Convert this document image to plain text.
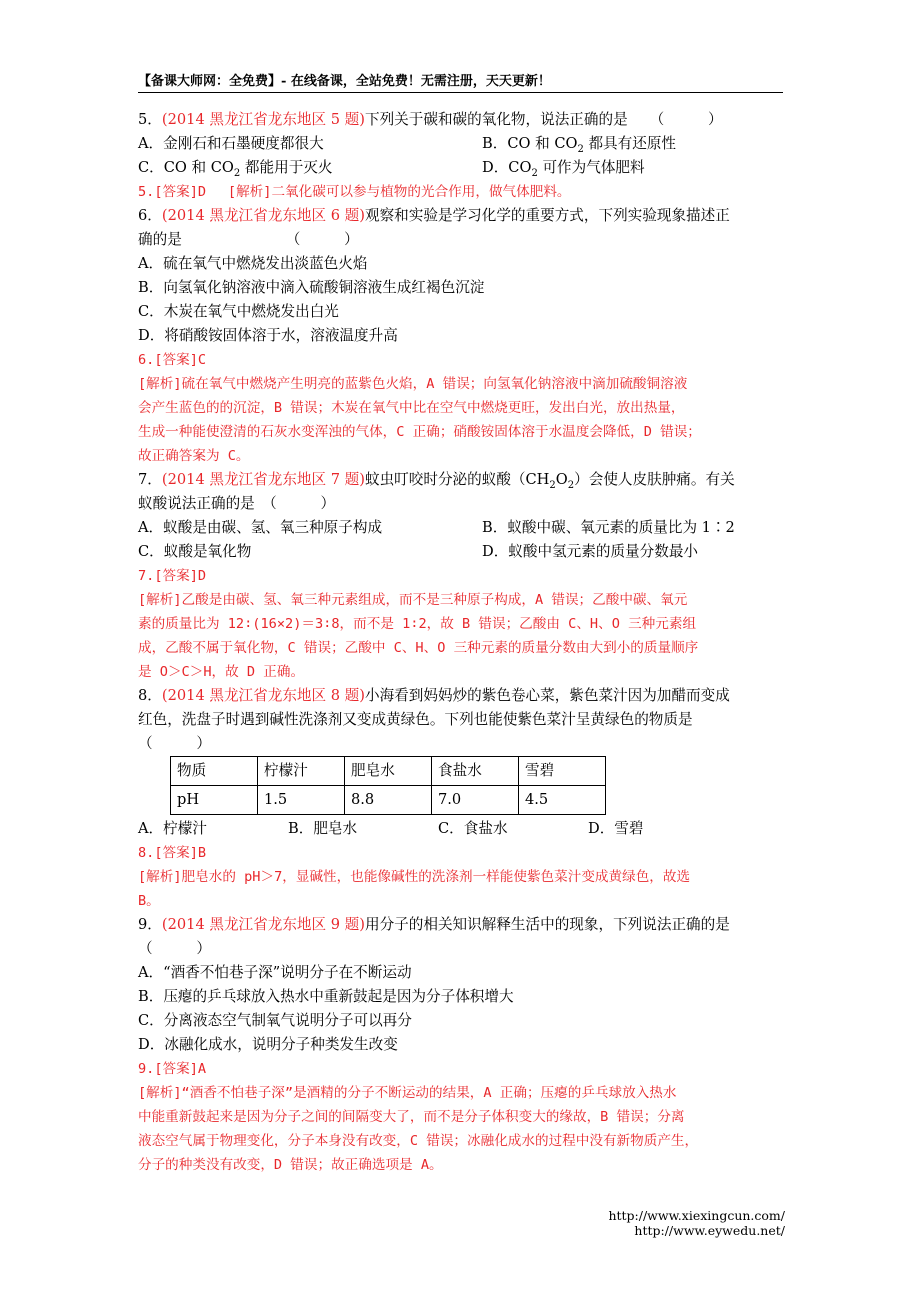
【备课大师网：全免费】- 在线备课，全站免费！无需注册，天天更新！
5．(2014 黑龙江省龙东地区 5 题)下列关于碳和碳的氧化物，说法正确的是　　 （　　　）
A．金刚石和石墨硬度都很大	B．CO 和 $CO_2$ 都具有还原性
C．CO 和 $CO_2$ 都能用于灭火	D．$CO_2$ 可作为气体肥料
5.[答案]D　 [解析]二氧化碳可以参与植物的光合作用，做气体肥料。
6．(2014 黑龙江省龙东地区 6 题)观察和实验是学习化学的重要方式，下列实验现象描述正
确的是	（　　　）
A．硫在氧气中燃烧发出淡蓝色火焰
B．向氢氧化钠溶液中滴入硫酸铜溶液生成红褐色沉淀
C．木炭在氧气中燃烧发出白光
D．将硝酸铵固体溶于水，溶液温度升高
6.[答案]C
[解析]硫在氧气中燃烧产生明亮的蓝紫色火焰，A 错误；向氢氧化钠溶液中滴加硫酸铜溶液
会产生蓝色的的沉淀，B 错误；木炭在氧气中比在空气中燃烧更旺，发出白光，放出热量，
生成一种能使澄清的石灰水变浑浊的气体，C 正确；硝酸铵固体溶于水温度会降低，D 错误；
故正确答案为 C。
7．(2014 黑龙江省龙东地区 7 题)蚊虫叮咬时分泌的蚁酸$(CH_2O_2)$会使人皮肤肿痛。有关
蚁酸说法正确的是　 （　　　）
A．蚁酸是由碳、氢、氧三种原子构成	B．蚁酸中碳、氧元素的质量比为 1∶2
C．蚁酸是氧化物	D．蚁酸中氢元素的质量分数最小
7.[答案]D
[解析]乙酸是由碳、氢、氧三种元素组成，而不是三种原子构成，A 错误；乙酸中碳、氧元
素的质量比为 12∶(16×2)＝3∶8，而不是 1∶2，故 B 错误；乙酸由 C、H、O 三种元素组
成，乙酸不属于氧化物，C 错误；乙酸中 C、H、O 三种元素的质量分数由大到小的质量顺序
是 O＞C＞H，故 D 正确。
8．(2014 黑龙江省龙东地区 8 题)小海看到妈妈炒的紫色卷心菜，紫色菜汁因为加醋而变成
红色，洗盘子时遇到碱性洗涤剂又变成黄绿色。下列也能使紫色菜汁呈黄绿色的物质是
（　　　）
物质	柠檬汁	肥皂水	食盐水	雪碧
pH	1.5	8.8	7.0	4.5
A．柠檬汁	B．肥皂水	C．食盐水	D．雪碧
8.[答案]B
[解析]肥皂水的 pH＞7，显碱性，也能像碱性的洗涤剂一样能使紫色菜汁变成黄绿色，故选
B。
9．(2014 黑龙江省龙东地区 9 题)用分子的相关知识解释生活中的现象，下列说法正确的是
（　　　）
A．“酒香不怕巷子深”说明分子在不断运动
B．压瘪的乒乓球放入热水中重新鼓起是因为分子体积增大
C．分离液态空气制氧气说明分子可以再分
D．冰融化成水，说明分子种类发生改变
9.[答案]A
[解析]“酒香不怕巷子深”是酒精的分子不断运动的结果，A 正确；压瘪的乒乓球放入热水
中能重新鼓起来是因为分子之间的间隔变大了，而不是分子体积变大的缘故，B 错误；分离
液态空气属于物理变化，分子本身没有改变，C 错误；冰融化成水的过程中没有新物质产生，
分子的种类没有改变，D 错误；故正确选项是 A。
http://www.xiexingcun.com/ http://www.eywedu.net/
